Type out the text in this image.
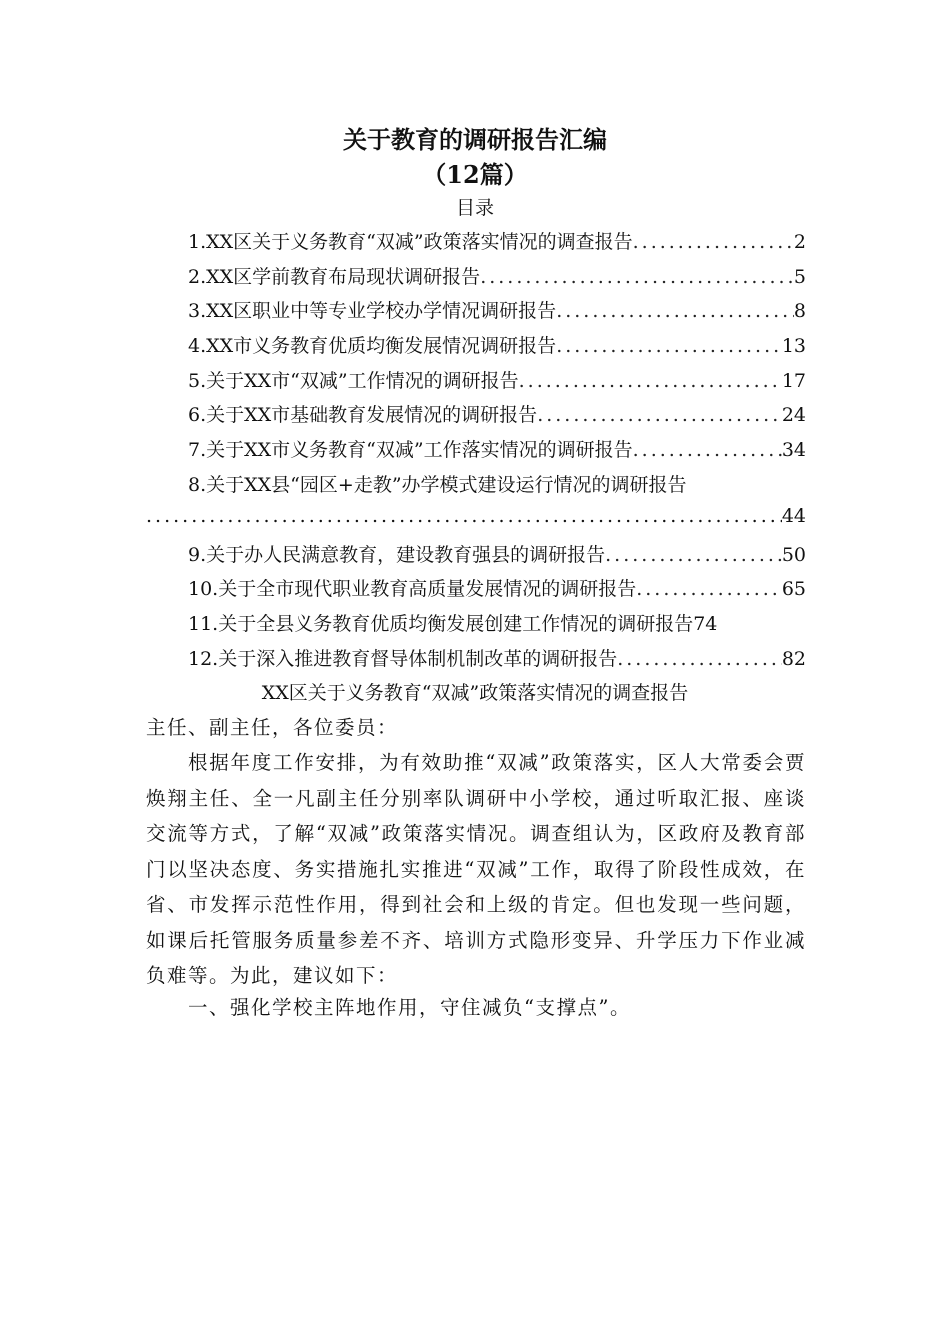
关于教育的调研报告汇编
（12篇）
目录
1.XX区关于义务教育“双减”政策落实情况的调查报告 .....	2
2.XX区学前教育布局现状调研报告 .....	5
3.XX区职业中等专业学校办学情况调研报告 .....	8
4.XX市义务教育优质均衡发展情况调研报告 .....	13
5.关于XX市“双减”工作情况的调研报告 .....	17
6.关于XX市基础教育发展情况的调研报告 .....	24
7.关于XX市义务教育“双减”工作落实情况的调研报告 .....	34
8.关于XX县“园区+走教”办学模式建设运行情况的调研报告
.....
44
9.关于办人民满意教育，建设教育强县的调研报告 .....	50
10.关于全市现代职业教育高质量发展情况的调研报告 .....	65
11.关于全县义务教育优质均衡发展创建工作情况的调研报告 74
12.关于深入推进教育督导体制机制改革的调研报告 .....	82
XX区关于义务教育“双减”政策落实情况的调查报告
主任、副主任，各位委员：
根据年度工作安排，为有效助推“双减”政策落实，区人大常委会贾焕翔主任、全一凡副主任分别率队调研中小学校，通过听取汇报、座谈交流等方式，了解“双减”政策落实情况。调查组认为，区政府及教育部门以坚决态度、务实措施扎实推进“双减”工作，取得了阶段性成效，在省、市发挥示范性作用，得到社会和上级的肯定。但也发现一些问题，如课后托管服务质量参差不齐、培训方式隐形变异、升学压力下作业减负难等。为此，建议如下：
一、强化学校主阵地作用，守住减负“支撑点”。
